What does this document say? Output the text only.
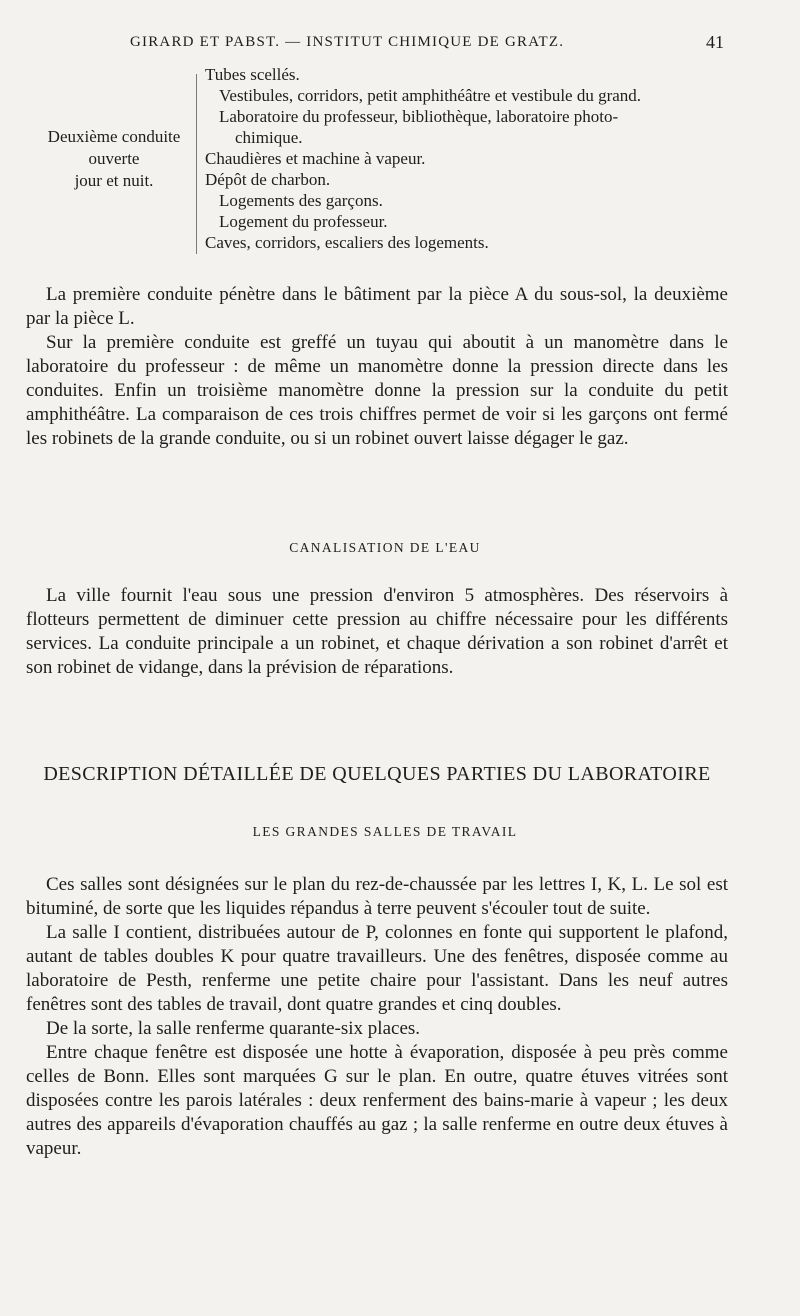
GIRARD ET PABST. — INSTITUT CHIMIQUE DE GRATZ.	41
Deuxième conduite
ouverte
jour et nuit.
Tubes scellés.
Vestibules, corridors, petit amphithéâtre et vestibule du grand.
Laboratoire du professeur, bibliothèque, laboratoire photo-
chimique.
Chaudières et machine à vapeur.
Dépôt de charbon.
Logements des garçons.
Logement du professeur.
Caves, corridors, escaliers des logements.

La première conduite pénètre dans le bâtiment par la pièce A du sous-sol, la deuxième par la pièce L.

Sur la première conduite est greffé un tuyau qui aboutit à un manomètre dans le laboratoire du professeur : de même un manomètre donne la pression directe dans les conduites. Enfin un troisième manomètre donne la pression sur la conduite du petit amphithéâtre. La comparaison de ces trois chiffres permet de voir si les garçons ont fermé les robinets de la grande conduite, ou si un robinet ouvert laisse dégager le gaz.

CANALISATION DE L'EAU

La ville fournit l'eau sous une pression d'environ 5 atmosphères. Des réservoirs à flotteurs permettent de diminuer cette pression au chiffre nécessaire pour les différents services. La conduite principale a un robinet, et chaque dérivation a son robinet d'arrêt et son robinet de vidange, dans la prévision de réparations.

DESCRIPTION DÉTAILLÉE DE QUELQUES PARTIES DU LABORATOIRE
LES GRANDES SALLES DE TRAVAIL

Ces salles sont désignées sur le plan du rez-de-chaussée par les lettres I, K, L. Le sol est bituminé, de sorte que les liquides répandus à terre peuvent s'écouler tout de suite.

La salle I contient, distribuées autour de P, colonnes en fonte qui supportent le plafond, autant de tables doubles K pour quatre travailleurs. Une des fenêtres, disposée comme au laboratoire de Pesth, renferme une petite chaire pour l'assistant. Dans les neuf autres fenêtres sont des tables de travail, dont quatre grandes et cinq doubles.

De la sorte, la salle renferme quarante-six places.

Entre chaque fenêtre est disposée une hotte à évaporation, disposée à peu près comme celles de Bonn. Elles sont marquées G sur le plan. En outre, quatre étuves vitrées sont disposées contre les parois latérales : deux renferment des bains-marie à vapeur ; les deux autres des appareils d'évaporation chauffés au gaz ; la salle renferme en outre deux étuves à vapeur.
